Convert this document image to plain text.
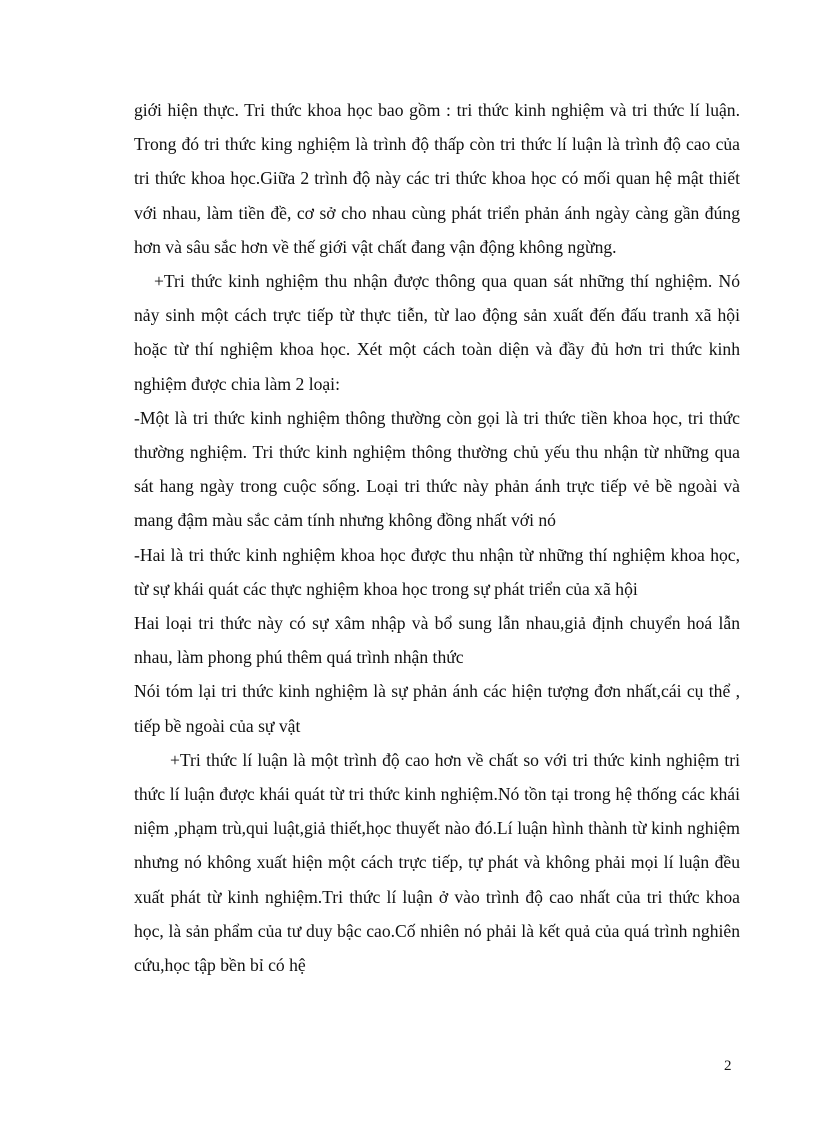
giới hiện thực. Tri thức khoa học bao gồm : tri thức kinh nghiệm và tri thức lí luận. Trong đó tri thức king nghiệm là trình độ thấp còn tri thức lí luận là trình độ cao của tri thức khoa học.Giữa 2 trình độ này các tri thức khoa học có mối quan hệ mật thiết với nhau, làm tiền đề, cơ sở cho nhau cùng phát triển phản ánh ngày càng gần đúng hơn và sâu sắc hơn về thế giới vật chất đang vận động không ngừng.

+Tri thức kinh nghiệm thu nhận được thông qua quan sát những thí nghiệm. Nó nảy sinh một cách trực tiếp từ thực tiễn, từ lao động sản xuất đến đấu tranh xã hội hoặc từ thí nghiệm khoa học. Xét một cách toàn diện và đầy đủ hơn tri thức kinh nghiệm được chia làm 2 loại:

-Một là tri thức kinh nghiệm thông thường còn gọi là tri thức tiền khoa học, tri thức thường nghiệm. Tri thức kinh nghiệm thông thường chủ yếu thu nhận từ những qua sát hang ngày trong cuộc sống. Loại tri thức này phản ánh trực tiếp vẻ bề ngoài và mang đậm màu sắc cảm tính nhưng không đồng nhất với nó

-Hai là tri thức kinh nghiệm khoa học được thu nhận từ những thí nghiệm khoa học, từ sự khái quát các thực nghiệm khoa học trong sự phát triển của xã hội

Hai loại tri thức này có sự xâm nhập và bổ sung lẫn nhau,giả định chuyển hoá lẫn nhau, làm phong phú thêm quá trình nhận thức

Nói tóm lại tri thức kinh nghiệm là sự phản ánh các hiện tượng đơn nhất,cái cụ thể , tiếp bề ngoài của sự vật

+Tri thức lí luận là một trình độ cao hơn về chất so với tri thức kinh nghiệm tri thức lí luận được khái quát từ tri thức kinh nghiệm.Nó tồn tại trong hệ thống các khái niệm ,phạm trù,qui luật,giả thiết,học thuyết nào đó.Lí luận hình thành từ kinh nghiệm nhưng nó không xuất hiện một cách trực tiếp, tự phát và không phải mọi lí luận đều xuất phát từ kinh nghiệm.Tri thức lí luận ở vào trình độ cao nhất của tri thức khoa học, là sản phẩm của tư duy bậc cao.Cố nhiên nó phải là kết quả của quá trình nghiên cứu,học tập bền bỉ có hệ

2
